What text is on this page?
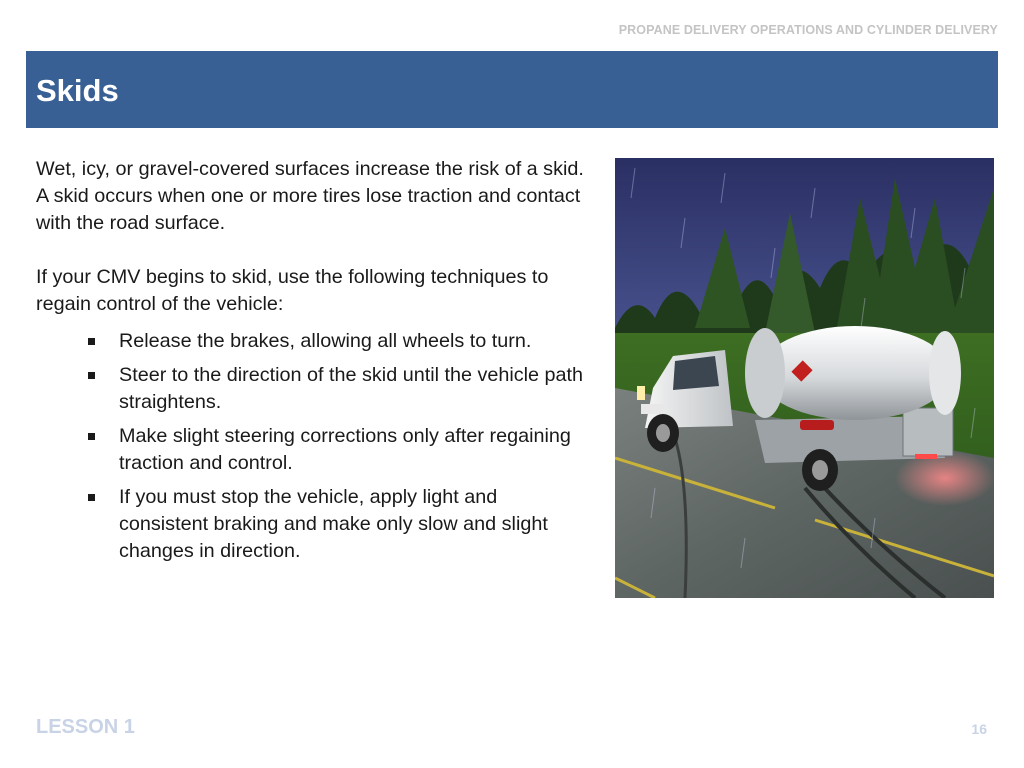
PROPANE DELIVERY OPERATIONS AND CYLINDER DELIVERY
Skids

Wet, icy, or gravel-covered surfaces increase the risk of a skid. A skid occurs when one or more tires lose traction and contact with the road surface.

If your CMV begins to skid, use the following techniques to regain control of the vehicle:

Release the brakes, allowing all wheels to turn.
Steer to the direction of the skid until the vehicle path straightens.
Make slight steering corrections only after regaining traction and control.
If you must stop the vehicle, apply light and consistent braking and make only slow and slight changes in direction.
LESSON 1	16
